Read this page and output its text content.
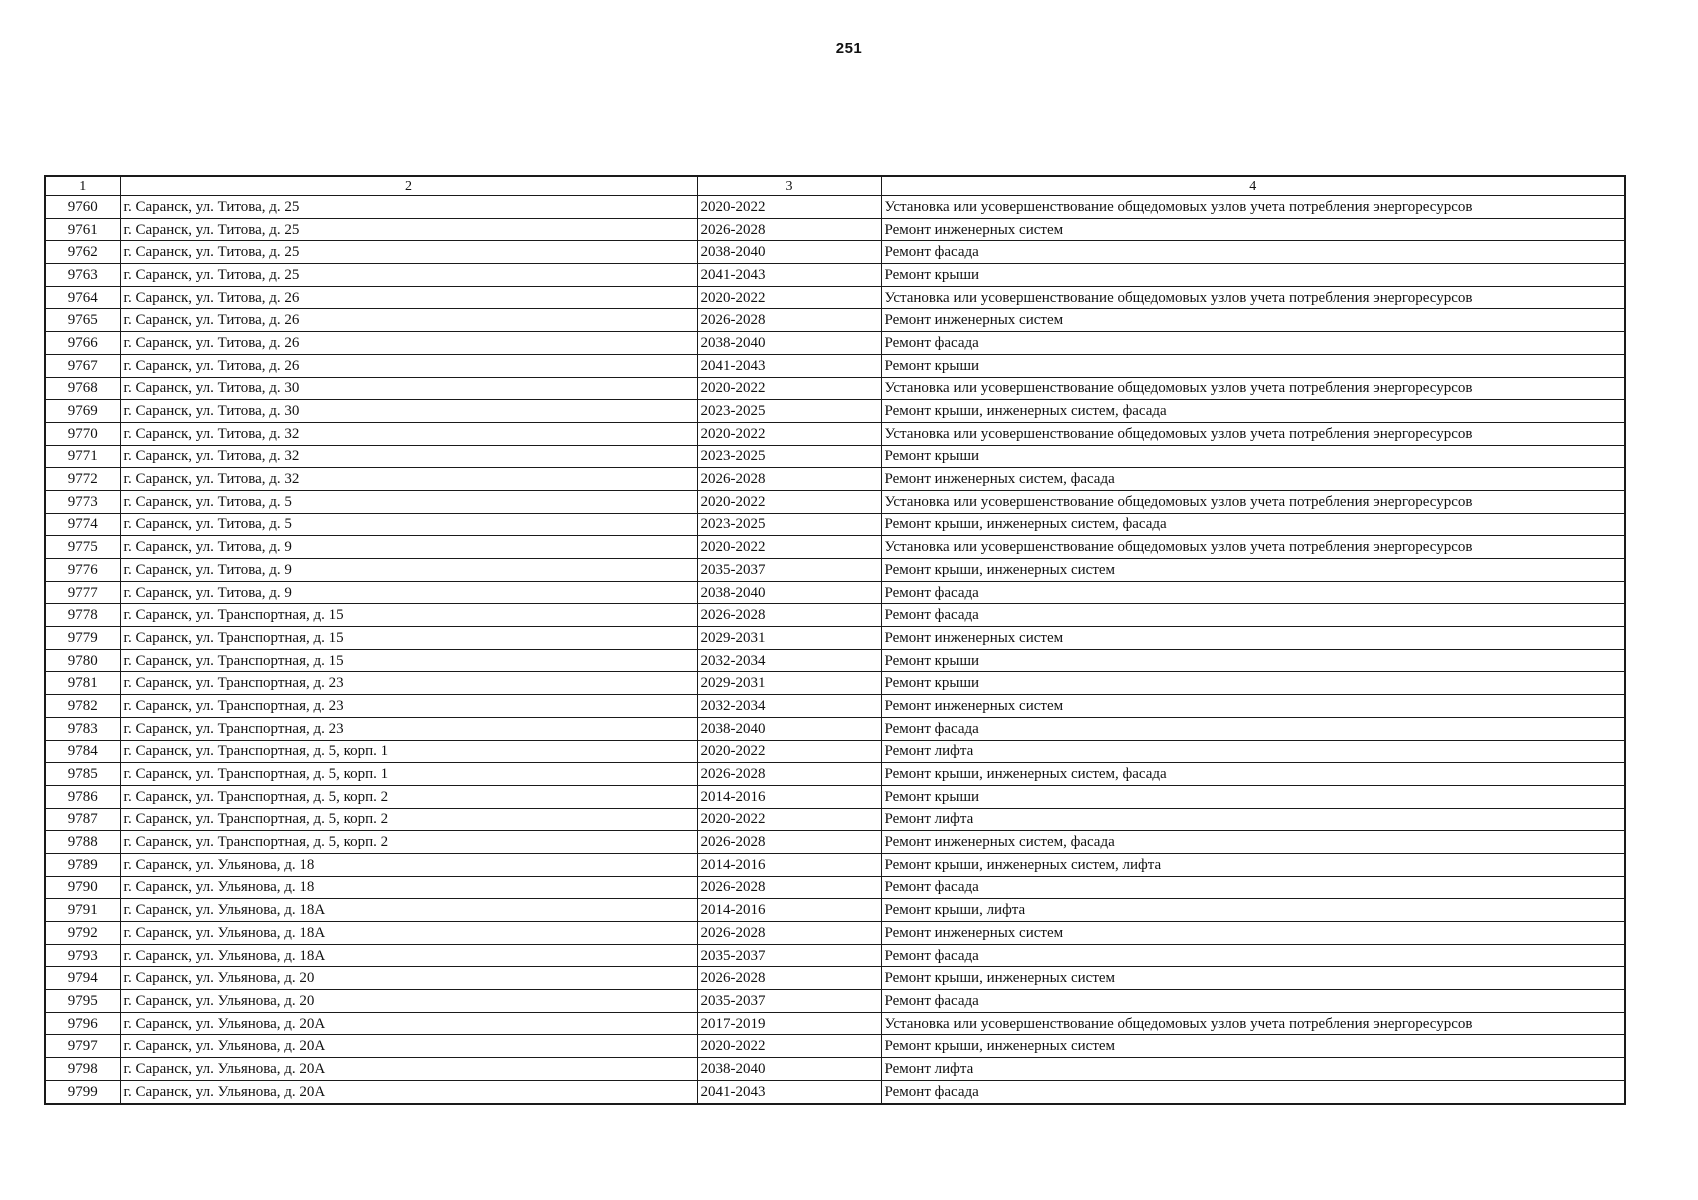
251
1	2	3	4
9760	г. Саранск, ул. Титова, д. 25	2020-2022	Установка или усовершенствование общедомовых узлов учета потребления энергоресурсов
9761	г. Саранск, ул. Титова, д. 25	2026-2028	Ремонт инженерных систем
9762	г. Саранск, ул. Титова, д. 25	2038-2040	Ремонт фасада
9763	г. Саранск, ул. Титова, д. 25	2041-2043	Ремонт крыши
9764	г. Саранск, ул. Титова, д. 26	2020-2022	Установка или усовершенствование общедомовых узлов учета потребления энергоресурсов
9765	г. Саранск, ул. Титова, д. 26	2026-2028	Ремонт инженерных систем
9766	г. Саранск, ул. Титова, д. 26	2038-2040	Ремонт фасада
9767	г. Саранск, ул. Титова, д. 26	2041-2043	Ремонт крыши
9768	г. Саранск, ул. Титова, д. 30	2020-2022	Установка или усовершенствование общедомовых узлов учета потребления энергоресурсов
9769	г. Саранск, ул. Титова, д. 30	2023-2025	Ремонт крыши, инженерных систем, фасада
9770	г. Саранск, ул. Титова, д. 32	2020-2022	Установка или усовершенствование общедомовых узлов учета потребления энергоресурсов
9771	г. Саранск, ул. Титова, д. 32	2023-2025	Ремонт крыши
9772	г. Саранск, ул. Титова, д. 32	2026-2028	Ремонт инженерных систем, фасада
9773	г. Саранск, ул. Титова, д. 5	2020-2022	Установка или усовершенствование общедомовых узлов учета потребления энергоресурсов
9774	г. Саранск, ул. Титова, д. 5	2023-2025	Ремонт крыши, инженерных систем, фасада
9775	г. Саранск, ул. Титова, д. 9	2020-2022	Установка или усовершенствование общедомовых узлов учета потребления энергоресурсов
9776	г. Саранск, ул. Титова, д. 9	2035-2037	Ремонт крыши, инженерных систем
9777	г. Саранск, ул. Титова, д. 9	2038-2040	Ремонт фасада
9778	г. Саранск, ул. Транспортная, д. 15	2026-2028	Ремонт фасада
9779	г. Саранск, ул. Транспортная, д. 15	2029-2031	Ремонт инженерных систем
9780	г. Саранск, ул. Транспортная, д. 15	2032-2034	Ремонт крыши
9781	г. Саранск, ул. Транспортная, д. 23	2029-2031	Ремонт крыши
9782	г. Саранск, ул. Транспортная, д. 23	2032-2034	Ремонт инженерных систем
9783	г. Саранск, ул. Транспортная, д. 23	2038-2040	Ремонт фасада
9784	г. Саранск, ул. Транспортная, д. 5, корп. 1	2020-2022	Ремонт лифта
9785	г. Саранск, ул. Транспортная, д. 5, корп. 1	2026-2028	Ремонт крыши, инженерных систем, фасада
9786	г. Саранск, ул. Транспортная, д. 5, корп. 2	2014-2016	Ремонт крыши
9787	г. Саранск, ул. Транспортная, д. 5, корп. 2	2020-2022	Ремонт лифта
9788	г. Саранск, ул. Транспортная, д. 5, корп. 2	2026-2028	Ремонт инженерных систем, фасада
9789	г. Саранск, ул. Ульянова, д. 18	2014-2016	Ремонт крыши, инженерных систем, лифта
9790	г. Саранск, ул. Ульянова, д. 18	2026-2028	Ремонт фасада
9791	г. Саранск, ул. Ульянова, д. 18А	2014-2016	Ремонт крыши, лифта
9792	г. Саранск, ул. Ульянова, д. 18А	2026-2028	Ремонт инженерных систем
9793	г. Саранск, ул. Ульянова, д. 18А	2035-2037	Ремонт фасада
9794	г. Саранск, ул. Ульянова, д. 20	2026-2028	Ремонт крыши, инженерных систем
9795	г. Саранск, ул. Ульянова, д. 20	2035-2037	Ремонт фасада
9796	г. Саранск, ул. Ульянова, д. 20А	2017-2019	Установка или усовершенствование общедомовых узлов учета потребления энергоресурсов
9797	г. Саранск, ул. Ульянова, д. 20А	2020-2022	Ремонт крыши, инженерных систем
9798	г. Саранск, ул. Ульянова, д. 20А	2038-2040	Ремонт лифта
9799	г. Саранск, ул. Ульянова, д. 20А	2041-2043	Ремонт фасада
